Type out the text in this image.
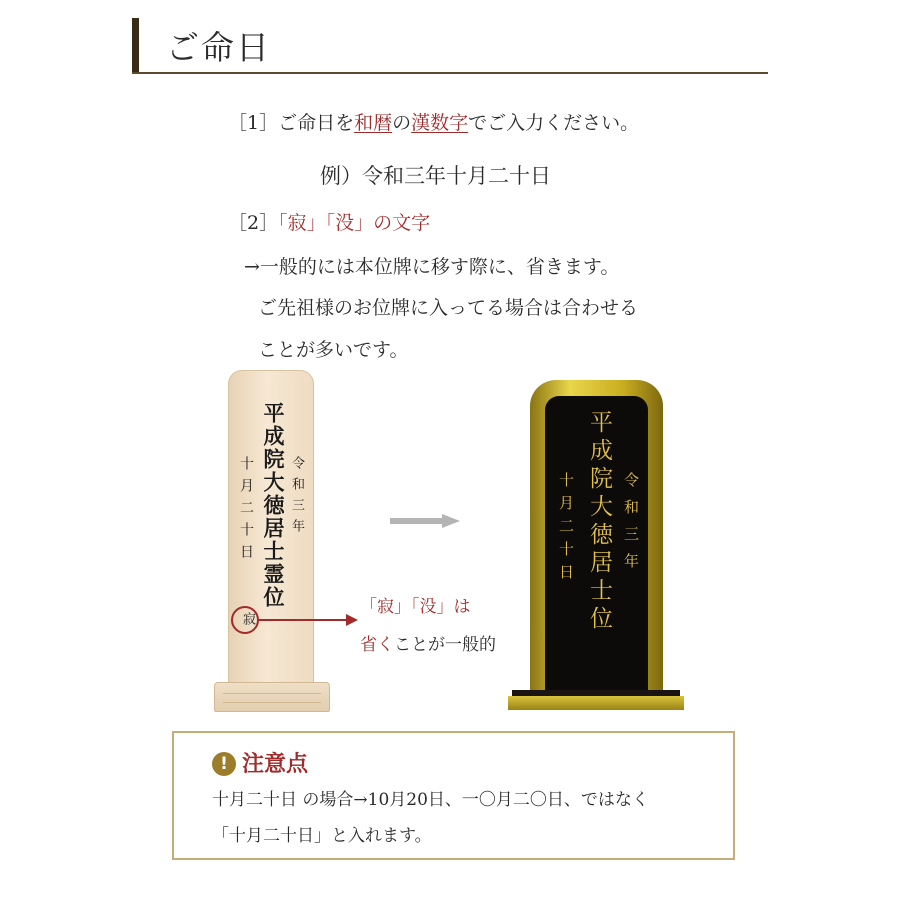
ご命日
［1］ご命日を和暦の漢数字でご入力ください。
例）令和三年十月二十日
［2］「寂」「没」の文字
→一般的には本位牌に移す際に、省きます。
ご先祖様のお位牌に入ってる場合は合わせる
ことが多いです。
平成院大徳居士霊位 令和三年
十月二十日
寂
「寂」「没」は
省くことが一般的
平成院大徳居士位 令和三年
十月二十日
! 注意点
十月二十日 の場合→10月20日、一〇月二〇日、ではなく
「十月二十日」と入れます。
